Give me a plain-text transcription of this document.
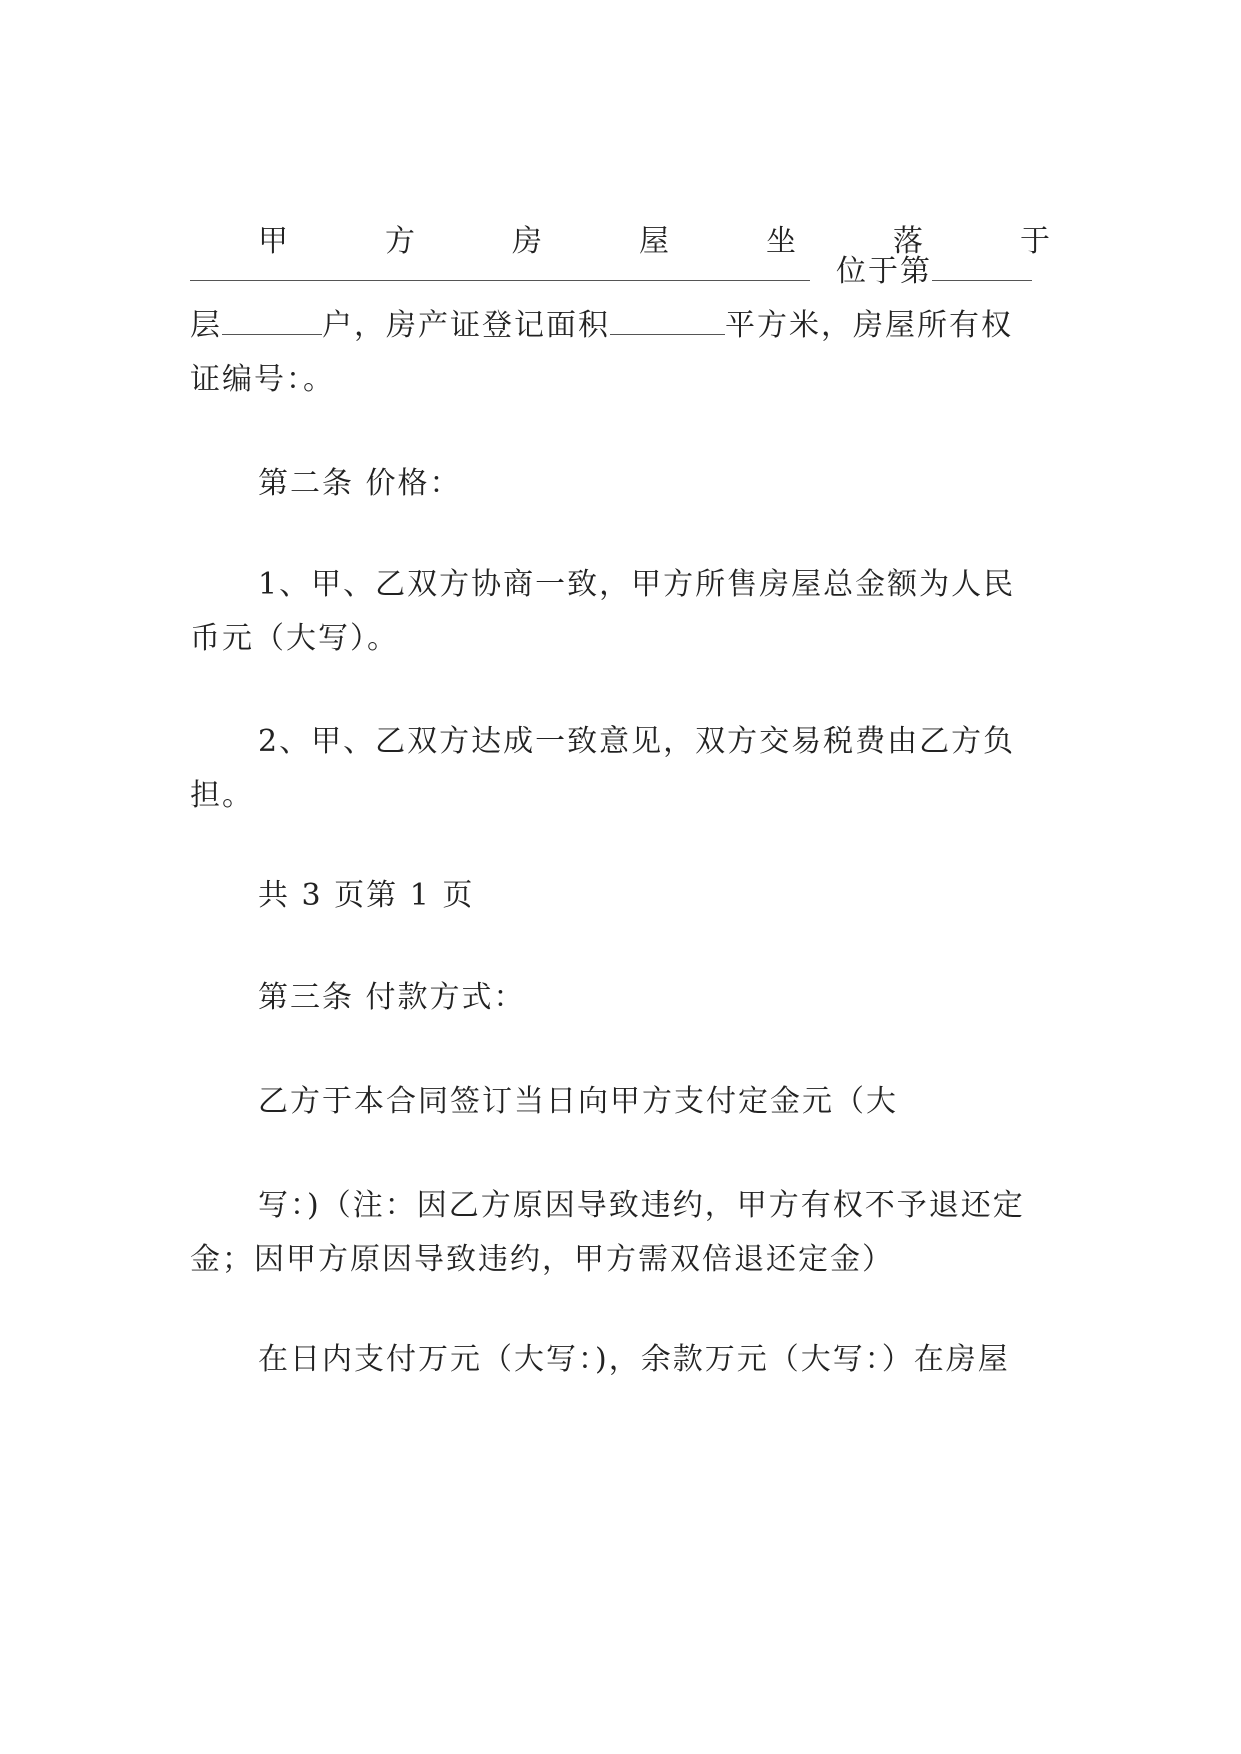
甲	方	房	屋	坐	落	于
位于第
层	户，房产证登记面积	平方米，房屋所有权
证编号：。
第二条 价格：
1、甲、乙双方协商一致，甲方所售房屋总金额为人民
币元（大写）。
2、甲、乙双方达成一致意见，双方交易税费由乙方负
担。
共 3 页第 1 页
第三条 付款方式：
乙方于本合同签订当日向甲方支付定金元（大
写：)（注：因乙方原因导致违约，甲方有权不予退还定
金；因甲方原因导致违约，甲方需双倍退还定金）
在日内支付万元（大写：)，余款万元（大写：）在房屋
